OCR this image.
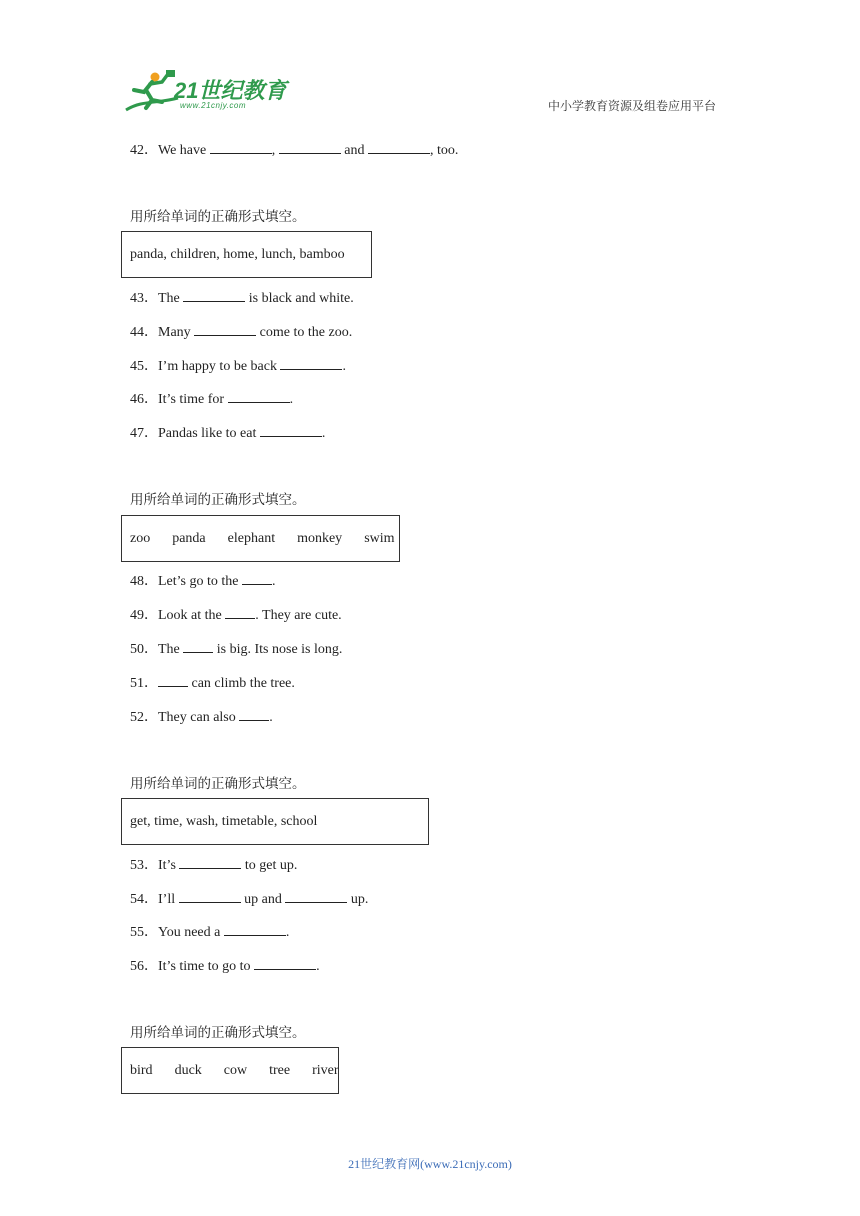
21世纪教育
www.21cnjy.com	中小学教育资源及组卷应用平台
42．We have	,	and	, too.
用所给单词的正确形式填空。
panda, children, home, lunch, bamboo
43．The	is black and white.
44．Many	come to the zoo.
45．I’m happy to be back	.
46．It’s time for	.
47．Pandas like to eat	.
用所给单词的正确形式填空。
zoo panda elephant monkey swim
48．Let’s go to the .
49．Look at the . They are cute.
50．The  is big. Its nose is long.
51． can climb the tree.
52．They can also .
用所给单词的正确形式填空。
get, time, wash, timetable, school
53．It’s	to get up.
54．I’ll	up and	up.
55．You need a	.
56．It’s time to go to	.
用所给单词的正确形式填空。
bird duck cow tree river
21世纪教育网(www.21cnjy.com)
